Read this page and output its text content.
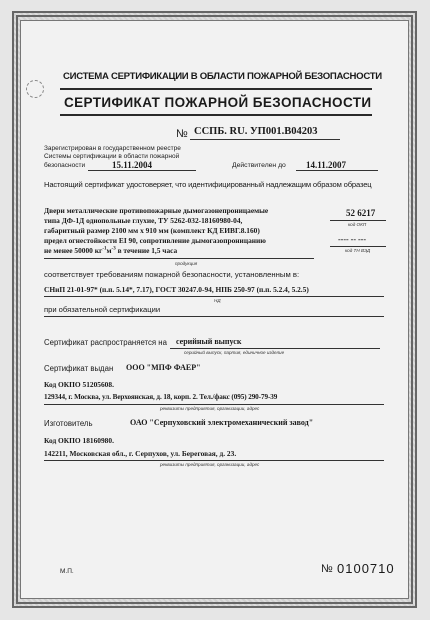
СИСТЕМА СЕРТИФИКАЦИИ В ОБЛАСТИ ПОЖАРНОЙ БЕЗОПАСНОСТИ
СЕРТИФИКАТ ПОЖАРНОЙ БЕЗОПАСНОСТИ
№ ССПБ. RU. УП001.В04203
Зарегистрирован в государственном реестре
Системы сертификации в области пожарной
безопасности	15.11.2004	Действителен до 14.11.2007
Настоящий сертификат удостоверяет, что идентифицированный надлежащим образом образец
Двери металлические противопожарные дымогазонепроницаемые
типа ДФ-1Д одиопольные глухие, ТУ 5262-032-18160980-04,
габаритный размер 2100 мм х 910 мм (комплект КД ЕИВГ.8.160)
предел огнестойкости EI 90, сопротивление дымогазопроницанию
не менее 50000 $кг^{-1}м^{-3}$ в течение 1,5 часа
продукция
52 6217
код ОКП
---- -- ---
код ТН ВЭД
соответствует требованиям пожарной безопасности, установленным в:
СНиП 21-01-97* (п.п. 5.14*, 7.17), ГОСТ 30247.0-94, НПБ 250-97 (п.п. 5.2.4, 5.2.5)
НД
при обязательной сертификации
Сертификат распространяется на серийный выпуск
серийный выпуск, партия, единичное изделие
Сертификат выдан ООО "МПФ ФАЕР"
Код ОКПО 51205608.
129344, г. Москва, ул. Верхоянская, д. 18, корп. 2. Тел./факс (095) 290-79-39
реквизиты предприятия, организации, адрес
Изготовитель	ОАО "Серпуховский электромеханический завод"
Код ОКПО 18160980.
142211, Московская обл., г. Серпухов, ул. Береговая, д. 23.
реквизиты предприятия, организации, адрес
М.П.	№ 0100710
